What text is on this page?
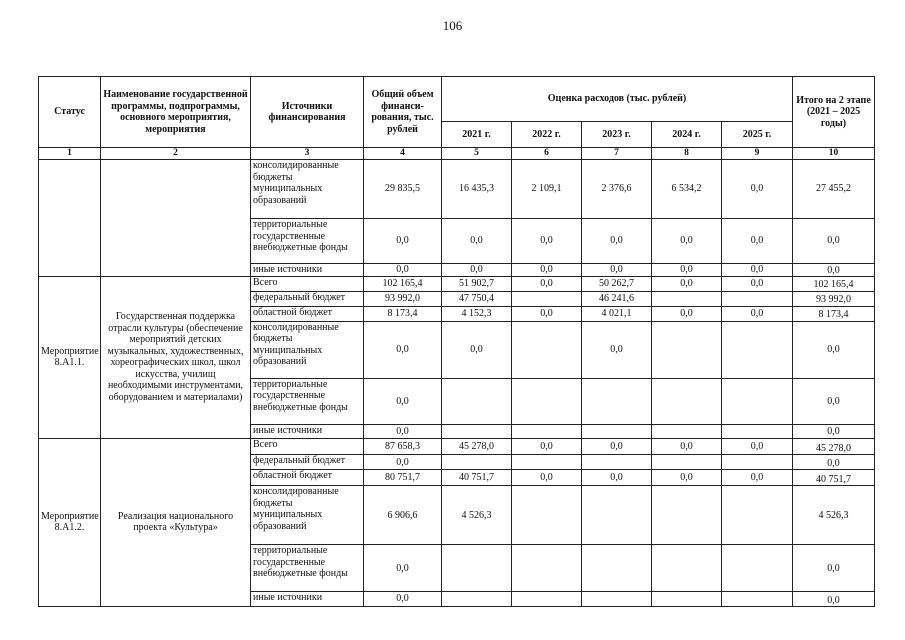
106
Статус	Наименование государственной программы, подпрограммы, основного мероприятия, мероприятия	Источники финансирования	Общий объем финанси-рования, тыс. рублей	Оценка расходов (тыс. рублей)					Итого на 2 этапе (2021 – 2025 годы)
				2021 г.	2022 г.	2023 г.	2024 г.	2025 г.	
1	2	3	4	5	6	7	8	9	10
		консолидированные бюджеты муниципальных образований	29 835,5	16 435,3	2 109,1	2 376,6	6 534,2	0,0	27 455,2
		территориальные государственные внебюджетные фонды	0,0	0,0	0,0	0,0	0,0	0,0	0,0
		иные источники	0,0	0,0	0,0	0,0	0,0	0,0	0,0
Мероприятие 8.А1.1.	Государственная поддержка отрасли культуры (обеспечение мероприятий детских музыкальных, художественных, хореографических школ, школ искусства, училищ необходимыми инструментами, оборудованием и материалами)	Всего	102 165,4	51 902,7	0,0	50 262,7	0,0	0,0	102 165,4
		федеральный бюджет	93 992,0	47 750,4		46 241,6			93 992,0
		областной бюджет	8 173,4	4 152,3	0,0	4 021,1	0,0	0,0	8 173,4
		консолидированные бюджеты муниципальных образований	0,0	0,0		0,0			0,0
		территориальные государственные внебюджетные фонды	0,0						0,0
		иные источники	0,0						0,0
Мероприятие 8.А1.2.	Реализация национального проекта «Культура»	Всего	87 658,3	45 278,0	0,0	0,0	0,0	0,0	45 278,0
		федеральный бюджет	0,0						0,0
		областной бюджет	80 751,7	40 751,7	0,0	0,0	0,0	0,0	40 751,7
		консолидированные бюджеты муниципальных образований	6 906,6	4 526,3					4 526,3
		территориальные государственные внебюджетные фонды	0,0						0,0
		иные источники	0,0						0,0
